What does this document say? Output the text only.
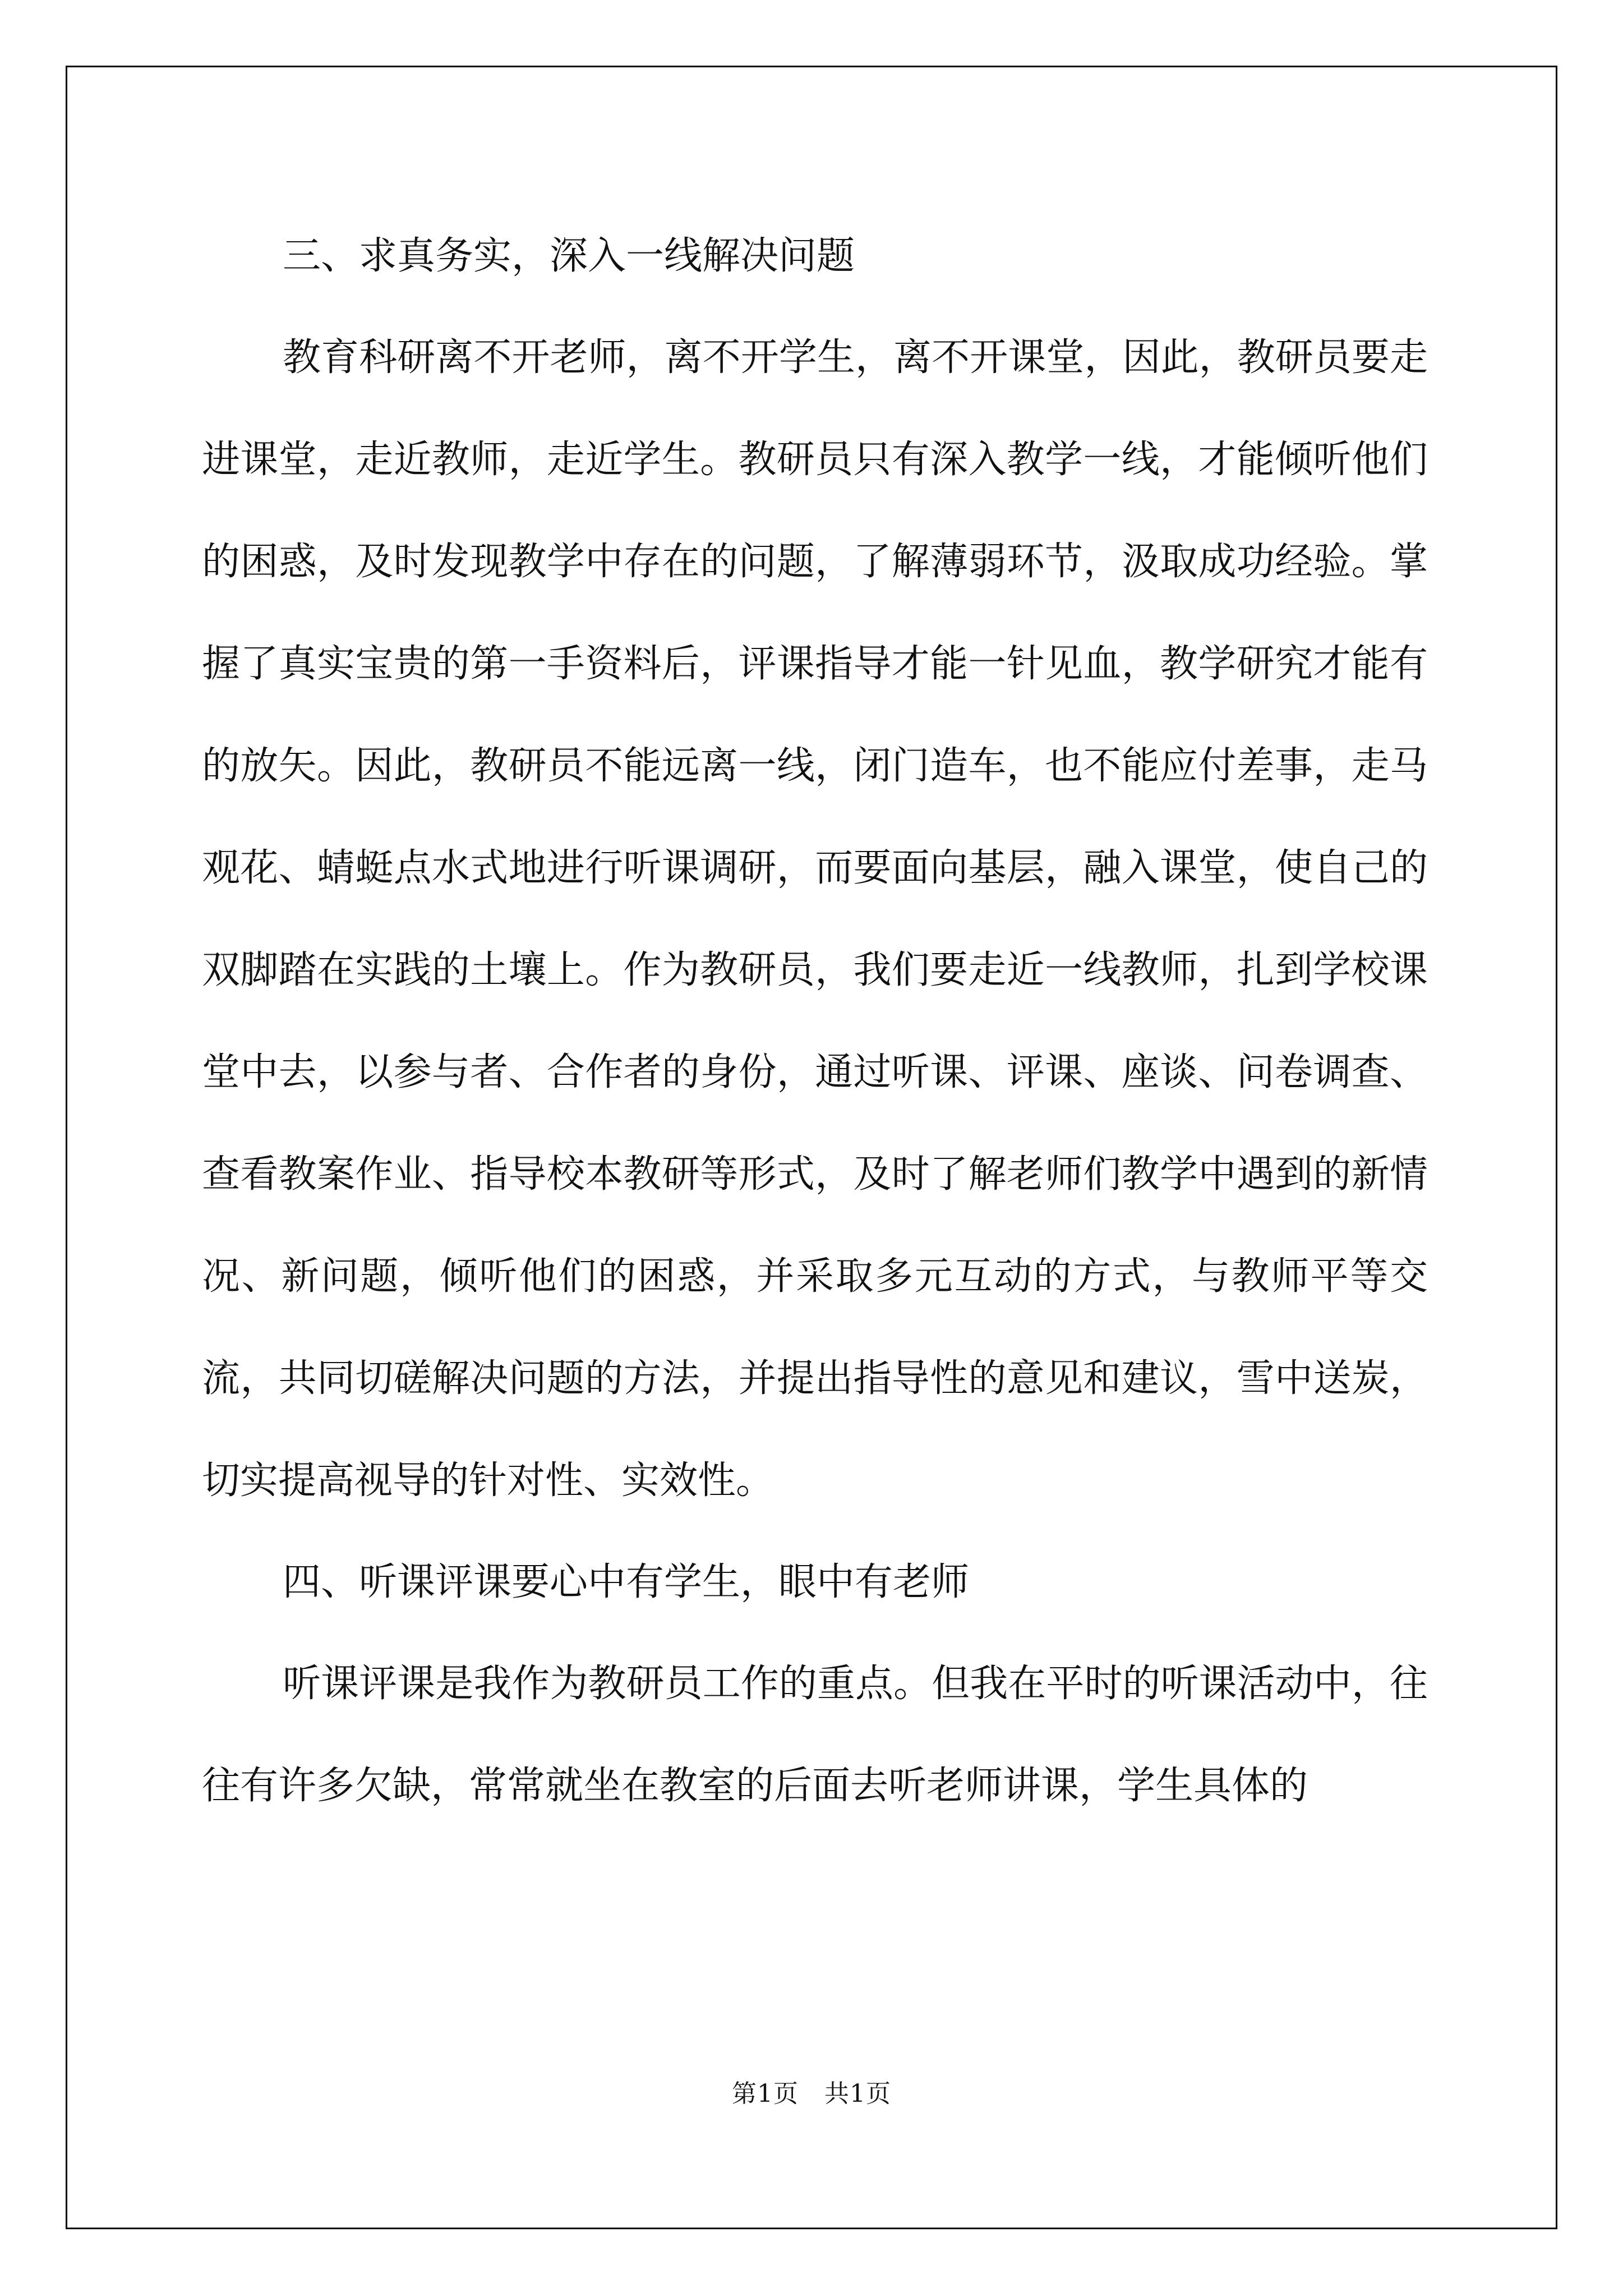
三、求真务实，深入一线解决问题

教育科研离不开老师，离不开学生，离不开课堂，因此，教研员要走进课堂，走近教师，走近学生。教研员只有深入教学一线，才能倾听他们的困惑，及时发现教学中存在的问题，了解薄弱环节，汲取成功经验。掌握了真实宝贵的第一手资料后，评课指导才能一针见血，教学研究才能有的放矢。因此，教研员不能远离一线，闭门造车，也不能应付差事，走马观花、蜻蜓点水式地进行听课调研，而要面向基层，融入课堂，使自己的双脚踏在实践的土壤上。作为教研员，我们要走近一线教师，扎到学校课堂中去，以参与者、合作者的身份，通过听课、评课、座谈、问卷调查、查看教案作业、指导校本教研等形式，及时了解老师们教学中遇到的新情况、新问题，倾听他们的困惑，并采取多元互动的方式，与教师平等交流，共同切磋解决问题的方法，并提出指导性的意见和建议，雪中送炭，切实提高视导的针对性、实效性。

四、听课评课要心中有学生，眼中有老师

听课评课是我作为教研员工作的重点。但我在平时的听课活动中，往往有许多欠缺，常常就坐在教室的后面去听老师讲课，学生具体的

第1页 共1页
